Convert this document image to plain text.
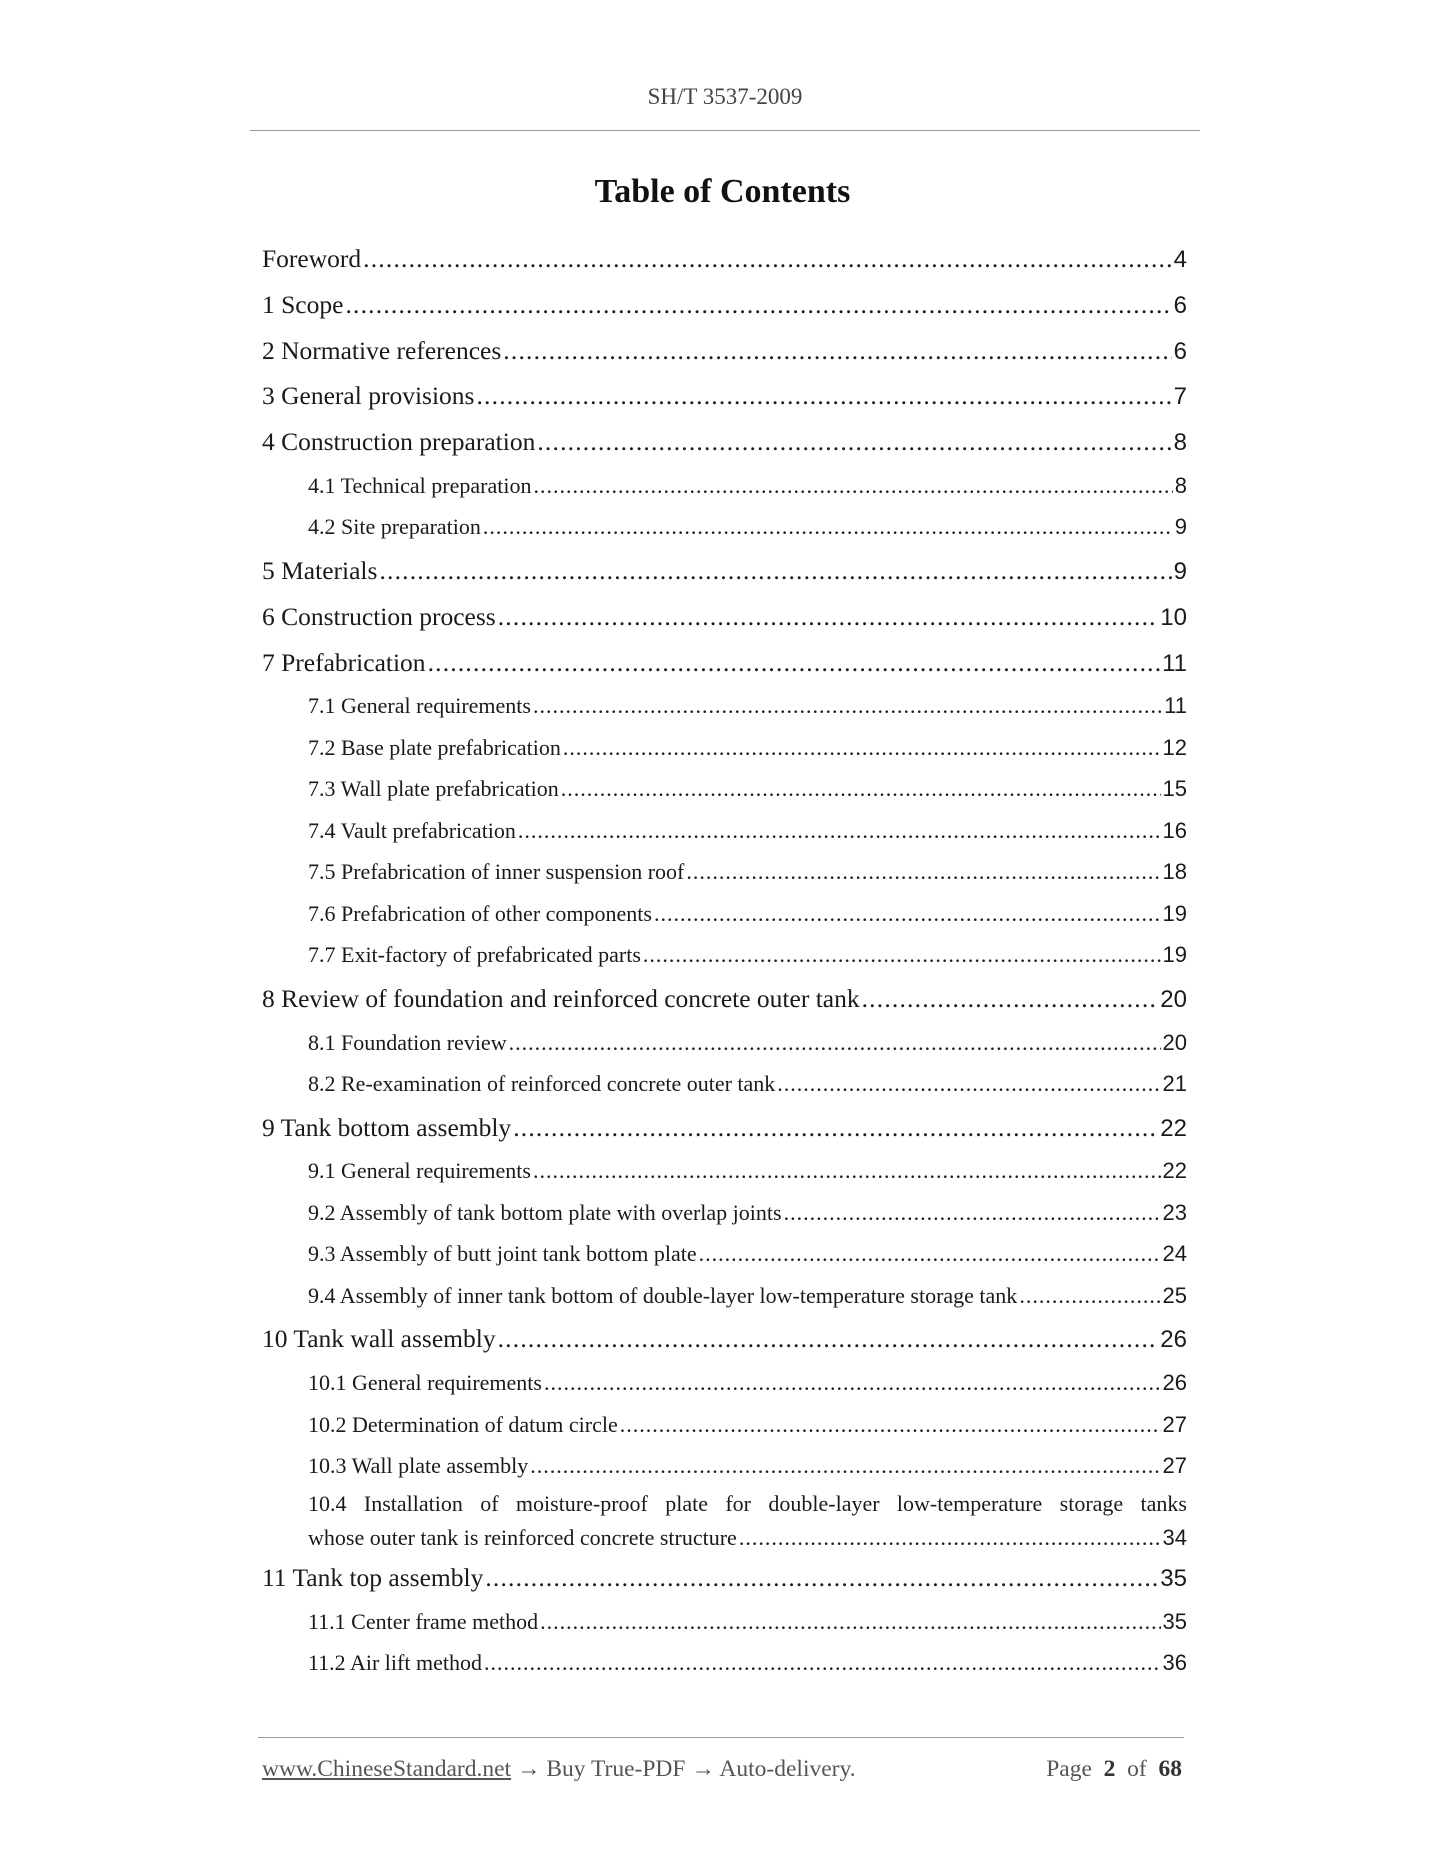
SH/T 3537-2009
Table of Contents
Foreword .....	4
1 Scope .....	6
2 Normative references .....	6
3 General provisions .....	7
4 Construction preparation .....	8
4.1 Technical preparation .....	8
4.2 Site preparation .....	9
5 Materials .....	9
6 Construction process .....	10
7 Prefabrication .....	11
7.1 General requirements .....	11
7.2 Base plate prefabrication .....	12
7.3 Wall plate prefabrication .....	15
7.4 Vault prefabrication .....	16
7.5 Prefabrication of inner suspension roof .....	18
7.6 Prefabrication of other components .....	19
7.7 Exit-factory of prefabricated parts .....	19
8 Review of foundation and reinforced concrete outer tank .....	20
8.1 Foundation review .....	20
8.2 Re-examination of reinforced concrete outer tank .....	21
9 Tank bottom assembly .....	22
9.1 General requirements .....	22
9.2 Assembly of tank bottom plate with overlap joints .....	23
9.3 Assembly of butt joint tank bottom plate .....	24
9.4 Assembly of inner tank bottom of double-layer low-temperature storage tank .....	25
10 Tank wall assembly .....	26
10.1 General requirements .....	26
10.2 Determination of datum circle .....	27
10.3 Wall plate assembly .....	27
10.4 Installation of moisture-proof plate for double-layer low-temperature storage tanks
whose outer tank is reinforced concrete structure .....	34
11 Tank top assembly .....	35
11.1 Center frame method .....	35
11.2 Air lift method .....	36
www.ChineseStandard.net → Buy True-PDF → Auto-delivery.	Page 2 of 68
